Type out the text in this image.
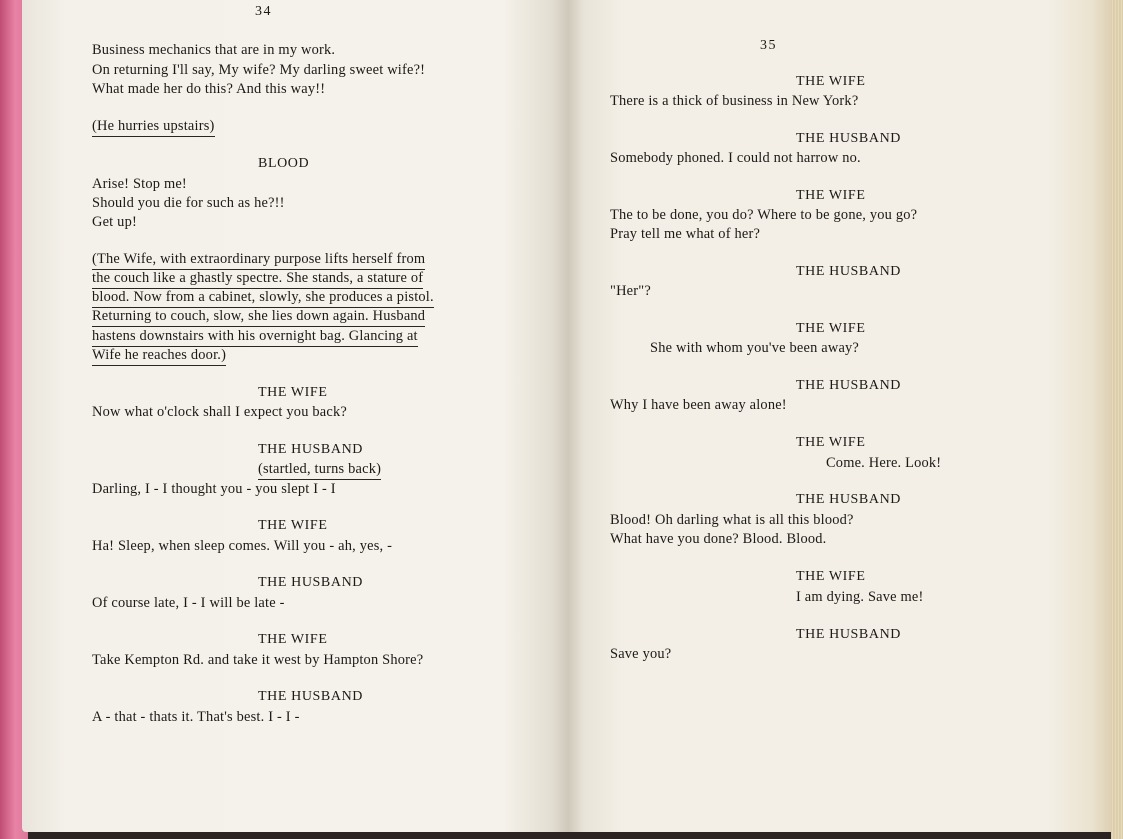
34
Business mechanics that are in my work.
On returning I'll say, My wife? My darling sweet wife?!
What made her do this? And this way!!
(He hurries upstairs)
BLOOD
Arise! Stop me!
Should you die for such as he?!!
Get up!
(The Wife, with extraordinary purpose lifts herself from
the couch like a ghastly spectre. She stands, a stature of
blood. Now from a cabinet, slowly, she produces a pistol.
Returning to couch, slow, she lies down again. Husband
hastens downstairs with his overnight bag. Glancing at
Wife he reaches door.)
THE WIFE
Now what o'clock shall I expect you back?
THE HUSBAND
(startled, turns back)
Darling, I - I thought you - you slept I - I
THE WIFE
Ha! Sleep, when sleep comes. Will you - ah, yes, -
THE HUSBAND
Of course late, I - I will be late -
THE WIFE
Take Kempton Rd. and take it west by Hampton Shore?
THE HUSBAND
A - that - thats it. That's best. I - I -
35
THE WIFE
There is a thick of business in New York?
THE HUSBAND
Somebody phoned. I could not harrow no.
THE WIFE
The to be done, you do? Where to be gone, you go?
Pray tell me what of her?
THE HUSBAND
"Her"?
THE WIFE
She with whom you've been away?
THE HUSBAND
Why I have been away alone!
THE WIFE
Come. Here. Look!
THE HUSBAND
Blood! Oh darling what is all this blood?
What have you done? Blood. Blood.
THE WIFE
I am dying. Save me!
THE HUSBAND
Save you?
